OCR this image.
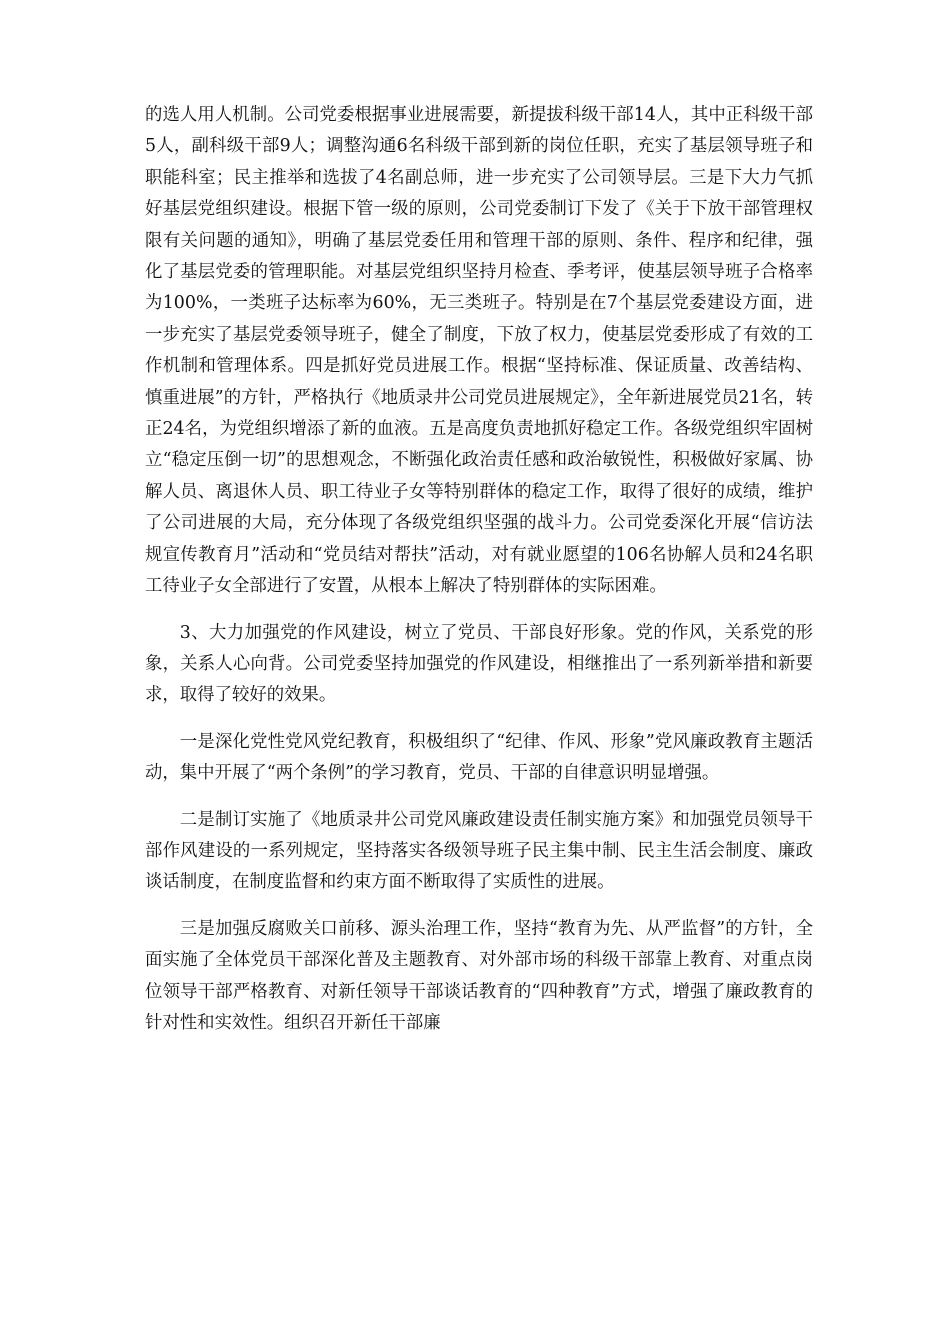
的选人用人机制。公司党委根据事业进展需要，新提拔科级干部14人，其中正科级干部5人，副科级干部9人；调整沟通6名科级干部到新的岗位任职，充实了基层领导班子和职能科室；民主推举和选拔了4名副总师，进一步充实了公司领导层。三是下大力气抓好基层党组织建设。根据下管一级的原则，公司党委制订下发了《关于下放干部管理权限有关问题的通知》，明确了基层党委任用和管理干部的原则、条件、程序和纪律，强化了基层党委的管理职能。对基层党组织坚持月检查、季考评，使基层领导班子合格率为100%，一类班子达标率为60%，无三类班子。特别是在7个基层党委建设方面，进一步充实了基层党委领导班子，健全了制度，下放了权力，使基层党委形成了有效的工作机制和管理体系。四是抓好党员进展工作。根据“坚持标准、保证质量、改善结构、慎重进展”的方针，严格执行《地质录井公司党员进展规定》，全年新进展党员21名，转正24名，为党组织增添了新的血液。五是高度负责地抓好稳定工作。各级党组织牢固树立“稳定压倒一切”的思想观念，不断强化政治责任感和政治敏锐性，积极做好家属、协解人员、离退休人员、职工待业子女等特别群体的稳定工作，取得了很好的成绩，维护了公司进展的大局，充分体现了各级党组织坚强的战斗力。公司党委深化开展“信访法规宣传教育月”活动和“党员结对帮扶”活动，对有就业愿望的106名协解人员和24名职工待业子女全部进行了安置，从根本上解决了特别群体的实际困难。

3、大力加强党的作风建设，树立了党员、干部良好形象。党的作风，关系党的形象，关系人心向背。公司党委坚持加强党的作风建设，相继推出了一系列新举措和新要求，取得了较好的效果。

一是深化党性党风党纪教育，积极组织了“纪律、作风、形象”党风廉政教育主题活动，集中开展了“两个条例”的学习教育，党员、干部的自律意识明显增强。

二是制订实施了《地质录井公司党风廉政建设责任制实施方案》和加强党员领导干部作风建设的一系列规定，坚持落实各级领导班子民主集中制、民主生活会制度、廉政谈话制度，在制度监督和约束方面不断取得了实质性的进展。

三是加强反腐败关口前移、源头治理工作，坚持“教育为先、从严监督”的方针，全面实施了全体党员干部深化普及主题教育、对外部市场的科级干部靠上教育、对重点岗位领导干部严格教育、对新任领导干部谈话教育的“四种教育”方式，增强了廉政教育的针对性和实效性。组织召开新任干部廉
